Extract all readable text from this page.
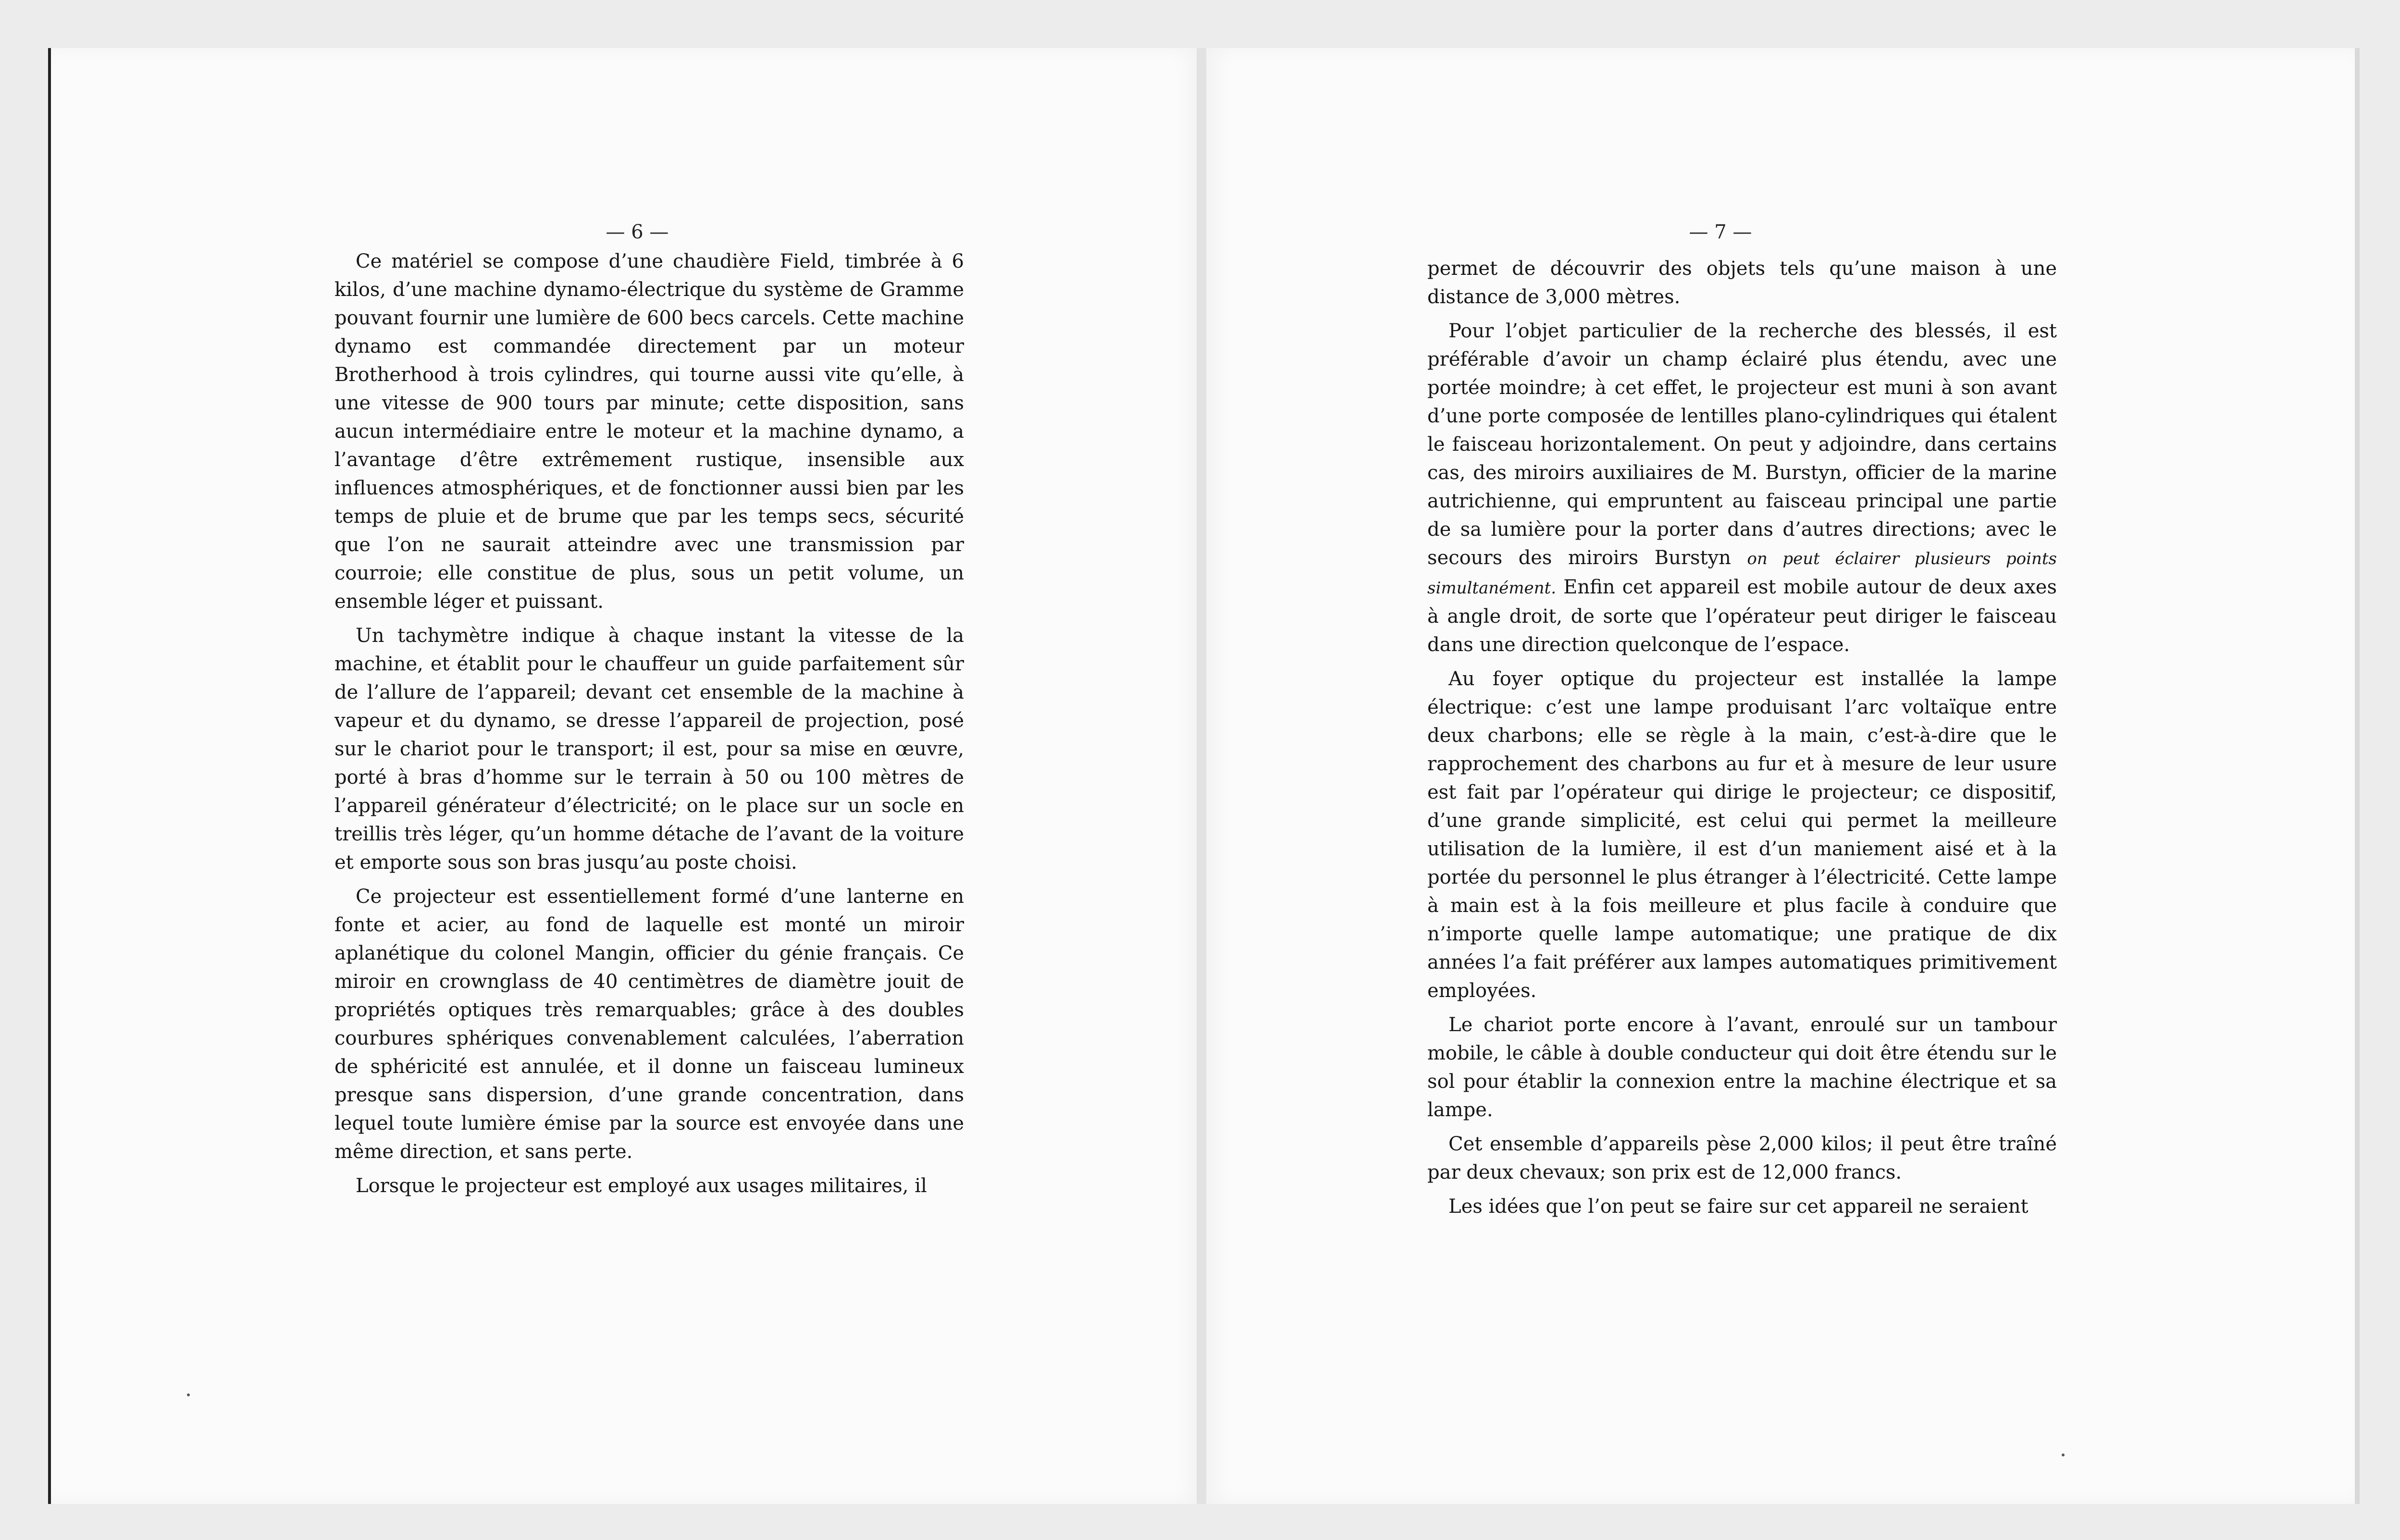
— 6 —

Ce matériel se compose d’une chaudière Field, timbrée à 6 kilos, d’une machine dynamo-électrique du système de Gramme pouvant fournir une lumière de 600 becs carcels. Cette machine dynamo est commandée directement par un moteur Brotherhood à trois cylindres, qui tourne aussi vite qu’elle, à une vitesse de 900 tours par minute; cette disposition, sans aucun intermédiaire entre le moteur et la machine dynamo, a l’avantage d’être extrêmement rustique, insensible aux influences atmosphériques, et de fonctionner aussi bien par les temps de pluie et de brume que par les temps secs, sécurité que l’on ne saurait atteindre avec une transmission par courroie; elle constitue de plus, sous un petit volume, un ensemble léger et puissant.

Un tachymètre indique à chaque instant la vitesse de la machine, et établit pour le chauffeur un guide parfaitement sûr de l’allure de l’appareil; devant cet ensemble de la machine à vapeur et du dynamo, se dresse l’appareil de projection, posé sur le chariot pour le transport; il est, pour sa mise en œuvre, porté à bras d’homme sur le terrain à 50 ou 100 mètres de l’appareil générateur d’électricité; on le place sur un socle en treillis très léger, qu’un homme détache de l’avant de la voiture et emporte sous son bras jusqu’au poste choisi.

Ce projecteur est essentiellement formé d’une lanterne en fonte et acier, au fond de laquelle est monté un miroir aplanétique du colonel Mangin, officier du génie français. Ce miroir en crownglass de 40 centimètres de diamètre jouit de propriétés optiques très remarquables; grâce à des doubles courbures sphériques convenablement calculées, l’aberration de sphéricité est annulée, et il donne un faisceau lumineux presque sans dispersion, d’une grande concentration, dans lequel toute lumière émise par la source est envoyée dans une même direction, et sans perte.

Lorsque le projecteur est employé aux usages militaires, il

— 7 —

permet de découvrir des objets tels qu’une maison à une distance de 3,000 mètres.

Pour l’objet particulier de la recherche des blessés, il est préférable d’avoir un champ éclairé plus étendu, avec une portée moindre; à cet effet, le projecteur est muni à son avant d’une porte composée de lentilles plano-cylindriques qui étalent le faisceau horizontalement. On peut y adjoindre, dans certains cas, des miroirs auxiliaires de M. Burstyn, officier de la marine autrichienne, qui empruntent au faisceau principal une partie de sa lumière pour la porter dans d’autres directions; avec le secours des miroirs Burstyn on peut éclairer plusieurs points simultanément. Enfin cet appareil est mobile autour de deux axes à angle droit, de sorte que l’opérateur peut diriger le faisceau dans une direction quelconque de l’espace.

Au foyer optique du projecteur est installée la lampe électrique: c’est une lampe produisant l’arc voltaïque entre deux charbons; elle se règle à la main, c’est-à-dire que le rapprochement des charbons au fur et à mesure de leur usure est fait par l’opérateur qui dirige le projecteur; ce dispositif, d’une grande simplicité, est celui qui permet la meilleure utilisation de la lumière, il est d’un maniement aisé et à la portée du personnel le plus étranger à l’électricité. Cette lampe à main est à la fois meilleure et plus facile à conduire que n’importe quelle lampe automatique; une pratique de dix années l’a fait préférer aux lampes automatiques primitivement employées.

Le chariot porte encore à l’avant, enroulé sur un tambour mobile, le câble à double conducteur qui doit être étendu sur le sol pour établir la connexion entre la machine électrique et sa lampe.

Cet ensemble d’appareils pèse 2,000 kilos; il peut être traîné par deux chevaux; son prix est de 12,000 francs.

Les idées que l’on peut se faire sur cet appareil ne seraient
